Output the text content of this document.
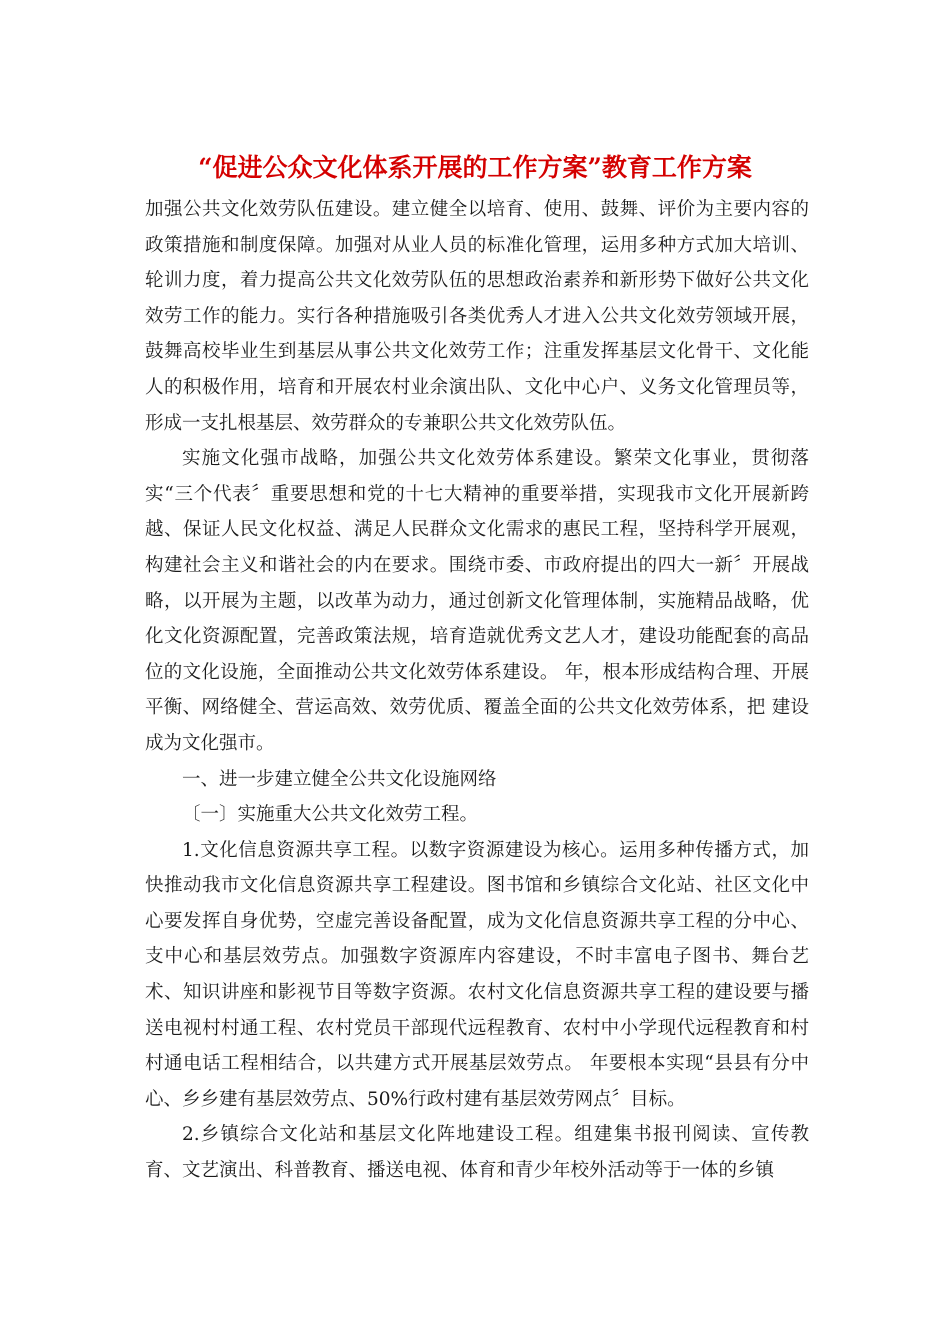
“促进公众文化体系开展的工作方案”教育工作方案

加强公共文化效劳队伍建设。建立健全以培育、使用、鼓舞、评价为主要内容的政策措施和制度保障。加强对从业人员的标准化管理，运用多种方式加大培训、轮训力度，着力提高公共文化效劳队伍的思想政治素养和新形势下做好公共文化效劳工作的能力。实行各种措施吸引各类优秀人才进入公共文化效劳领域开展，鼓舞高校毕业生到基层从事公共文化效劳工作；注重发挥基层文化骨干、文化能人的积极作用，培育和开展农村业余演出队、文化中心户、义务文化管理员等，形成一支扎根基层、效劳群众的专兼职公共文化效劳队伍。

实施文化强市战略，加强公共文化效劳体系建设。繁荣文化事业，贯彻落实“三个代表〞重要思想和党的十七大精神的重要举措，实现我市文化开展新跨越、保证人民文化权益、满足人民群众文化需求的惠民工程，坚持科学开展观，构建社会主义和谐社会的内在要求。围绕市委、市政府提出的四大一新〞开展战略，以开展为主题，以改革为动力，通过创新文化管理体制，实施精品战略，优化文化资源配置，完善政策法规，培育造就优秀文艺人才，建设功能配套的高品位的文化设施，全面推动公共文化效劳体系建设。 年，根本形成结构合理、开展平衡、网络健全、营运高效、效劳优质、覆盖全面的公共文化效劳体系，把 建设成为文化强市。

一、进一步建立健全公共文化设施网络

〔一〕实施重大公共文化效劳工程。

1.文化信息资源共享工程。以数字资源建设为核心。运用多种传播方式，加快推动我市文化信息资源共享工程建设。图书馆和乡镇综合文化站、社区文化中心要发挥自身优势，空虚完善设备配置，成为文化信息资源共享工程的分中心、支中心和基层效劳点。加强数字资源库内容建设，不时丰富电子图书、舞台艺术、知识讲座和影视节目等数字资源。农村文化信息资源共享工程的建设要与播送电视村村通工程、农村党员干部现代远程教育、农村中小学现代远程教育和村村通电话工程相结合，以共建方式开展基层效劳点。 年要根本实现“县县有分中心、乡乡建有基层效劳点、50%行政村建有基层效劳网点〞目标。

2.乡镇综合文化站和基层文化阵地建设工程。组建集书报刊阅读、宣传教育、文艺演出、科普教育、播送电视、体育和青少年校外活动等于一体的乡镇
